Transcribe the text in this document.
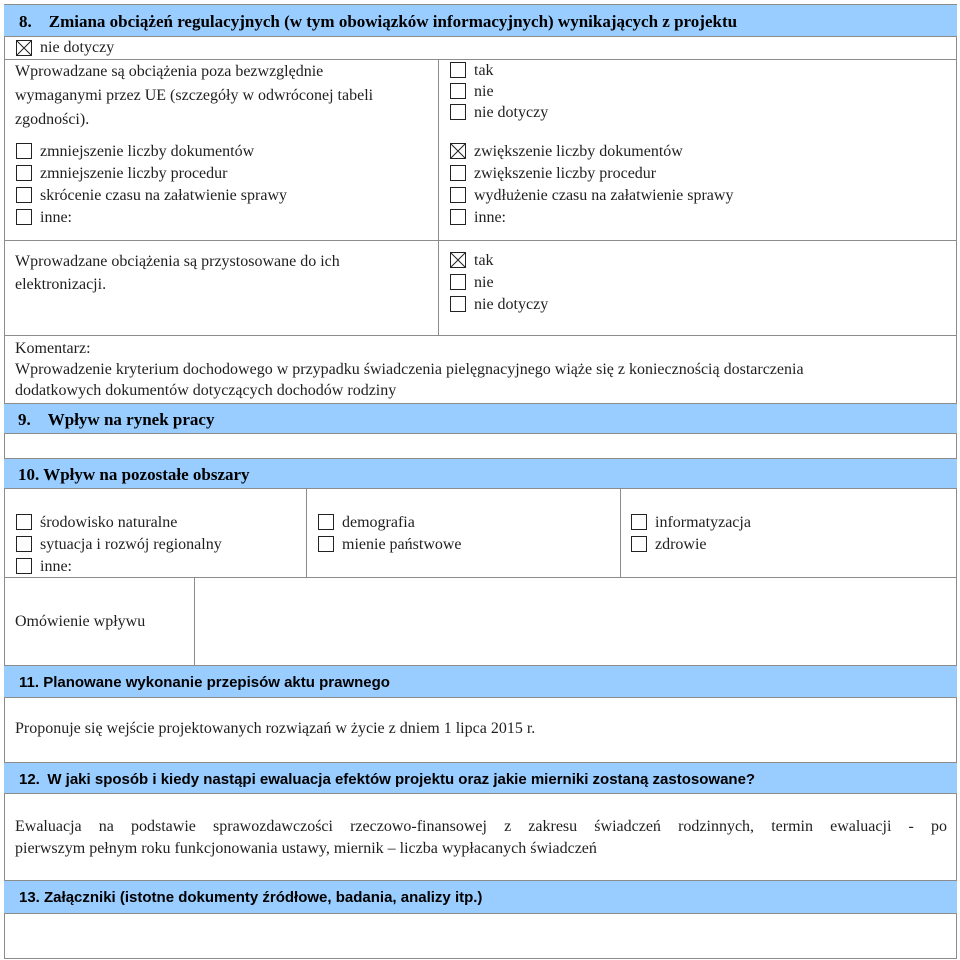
8. Zmiana obciążeń regulacyjnych (w tym obowiązków informacyjnych) wynikających z projektu
nie dotyczy
Wprowadzane są obciążenia poza bezwzględnie
wymaganymi przez UE (szczegóły w odwróconej tabeli
zgodności).
tak
nie
nie dotyczy
zmniejszenie liczby dokumentów
zmniejszenie liczby procedur
skrócenie czasu na załatwienie sprawy
inne:
zwiększenie liczby dokumentów
zwiększenie liczby procedur
wydłużenie czasu na załatwienie sprawy
inne:
Wprowadzane obciążenia są przystosowane do ich
elektronizacji.
tak
nie
nie dotyczy
Komentarz:
Wprowadzenie kryterium dochodowego w przypadku świadczenia pielęgnacyjnego wiąże się z koniecznością dostarczenia
dodatkowych dokumentów dotyczących dochodów rodziny
9. Wpływ na rynek pracy
10. Wpływ na pozostałe obszary
środowisko naturalne
sytuacja i rozwój regionalny
inne:
demografia
mienie państwowe
informatyzacja
zdrowie
Omówienie wpływu
11. Planowane wykonanie przepisów aktu prawnego
Proponuje się wejście projektowanych rozwiązań w życie z dniem 1 lipca 2015 r.
12. W jaki sposób i kiedy nastąpi ewaluacja efektów projektu oraz jakie mierniki zostaną zastosowane?
Ewaluacja na podstawie sprawozdawczości rzeczowo-finansowej z zakresu świadczeń rodzinnych, termin ewaluacji - po
pierwszym pełnym roku funkcjonowania ustawy, miernik – liczba wypłacanych świadczeń
13. Załączniki (istotne dokumenty źródłowe, badania, analizy itp.)
